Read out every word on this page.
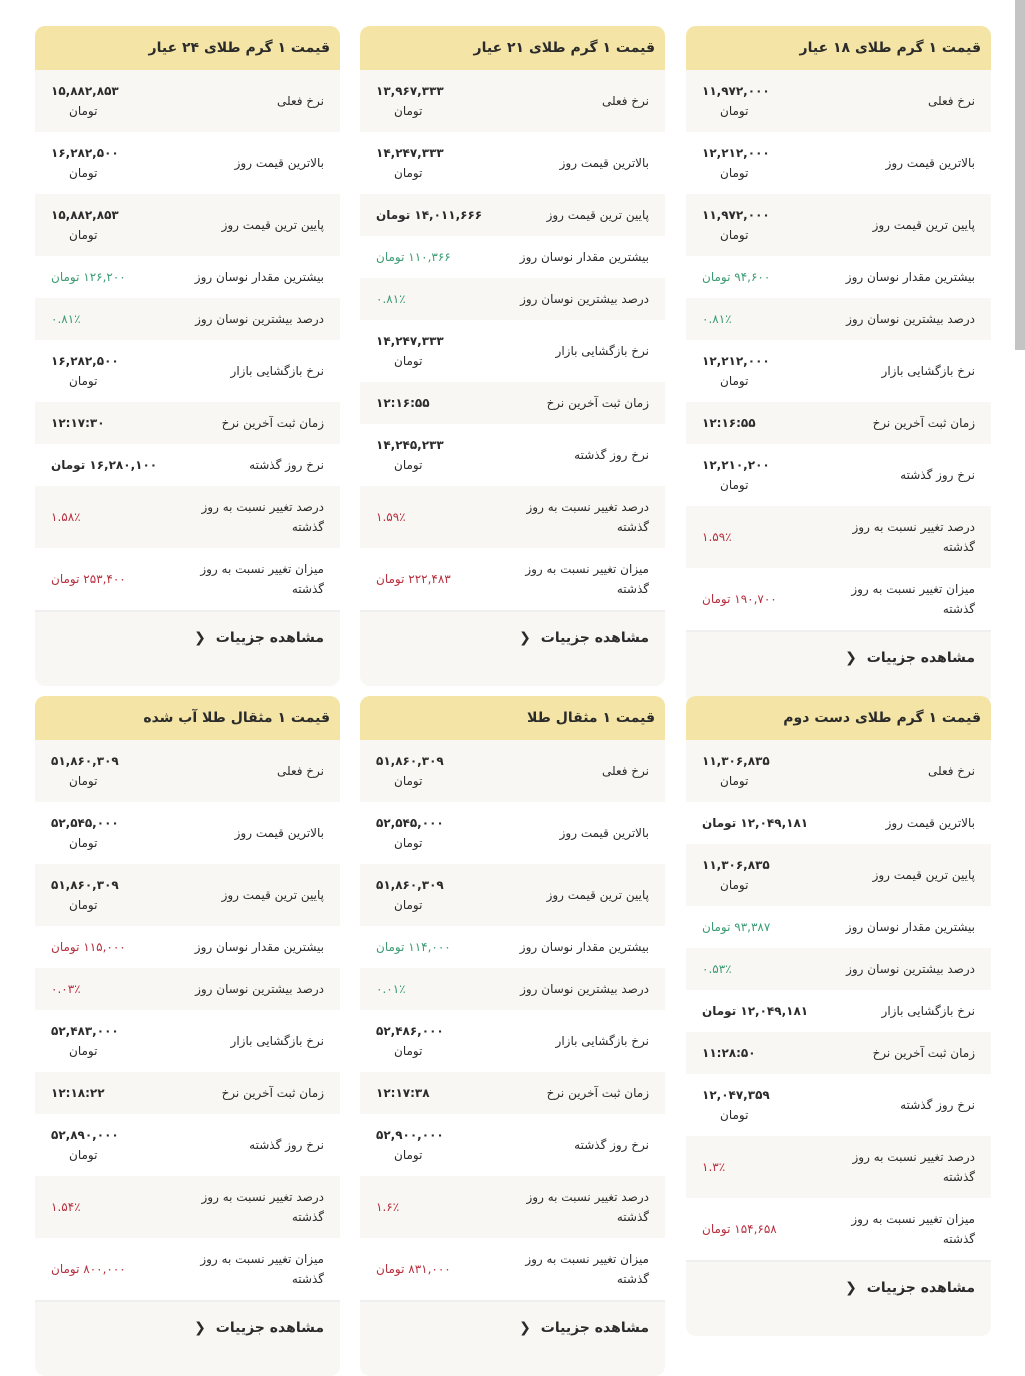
قیمت ۱ گرم طلای ۱۸ عیار
نرخ فعلی
۱۱,۹۷۲,۰۰۰
تومان
بالاترین قیمت روز
۱۲,۲۱۲,۰۰۰
تومان
پایین ترین قیمت روز
۱۱,۹۷۲,۰۰۰
تومان
بیشترین مقدار نوسان روز
۹۴,۶۰۰ تومان
درصد بیشترین نوسان روز
۰.۸۱٪
نرخ بازگشایی بازار
۱۲,۲۱۲,۰۰۰
تومان
زمان ثبت آخرین نرخ
۱۲:۱۶:۵۵
نرخ روز گذشته
۱۲,۲۱۰,۲۰۰
تومان
درصد تغییر نسبت به روز گذشته
۱.۵۹٪
میزان تغییر نسبت به روز گذشته
۱۹۰,۷۰۰ تومان
مشاهده جزییات
❮
قیمت ۱ گرم طلای ۲۱ عیار
نرخ فعلی
۱۳,۹۶۷,۳۳۳
تومان
بالاترین قیمت روز
۱۴,۲۴۷,۳۳۳
تومان
پایین ترین قیمت روز
۱۴,۰۱۱,۶۶۶ تومان
بیشترین مقدار نوسان روز
۱۱۰,۳۶۶ تومان
درصد بیشترین نوسان روز
۰.۸۱٪
نرخ بازگشایی بازار
۱۴,۲۴۷,۳۳۳
تومان
زمان ثبت آخرین نرخ
۱۲:۱۶:۵۵
نرخ روز گذشته
۱۴,۲۴۵,۲۳۳
تومان
درصد تغییر نسبت به روز گذشته
۱.۵۹٪
میزان تغییر نسبت به روز گذشته
۲۲۲,۴۸۳ تومان
مشاهده جزییات
❮
قیمت ۱ گرم طلای ۲۴ عیار
نرخ فعلی
۱۵,۸۸۲,۸۵۳
تومان
بالاترین قیمت روز
۱۶,۲۸۲,۵۰۰
تومان
پایین ترین قیمت روز
۱۵,۸۸۲,۸۵۳
تومان
بیشترین مقدار نوسان روز
۱۲۶,۲۰۰ تومان
درصد بیشترین نوسان روز
۰.۸۱٪
نرخ بازگشایی بازار
۱۶,۲۸۲,۵۰۰
تومان
زمان ثبت آخرین نرخ
۱۲:۱۷:۳۰
نرخ روز گذشته
۱۶,۲۸۰,۱۰۰ تومان
درصد تغییر نسبت به روز گذشته
۱.۵۸٪
میزان تغییر نسبت به روز گذشته
۲۵۳,۴۰۰ تومان
مشاهده جزییات
❮
قیمت ۱ گرم طلای دست دوم
نرخ فعلی
۱۱,۳۰۶,۸۳۵
تومان
بالاترین قیمت روز
۱۲,۰۴۹,۱۸۱ تومان
پایین ترین قیمت روز
۱۱,۳۰۶,۸۳۵
تومان
بیشترین مقدار نوسان روز
۹۳,۳۸۷ تومان
درصد بیشترین نوسان روز
۰.۵۳٪
نرخ بازگشایی بازار
۱۲,۰۴۹,۱۸۱ تومان
زمان ثبت آخرین نرخ
۱۱:۲۸:۵۰
نرخ روز گذشته
۱۲,۰۴۷,۳۵۹
تومان
درصد تغییر نسبت به روز گذشته
۱.۳٪
میزان تغییر نسبت به روز گذشته
۱۵۴,۶۵۸ تومان
مشاهده جزییات
❮
قیمت ۱ مثقال طلا
نرخ فعلی
۵۱,۸۶۰,۳۰۹
تومان
بالاترین قیمت روز
۵۲,۵۴۵,۰۰۰
تومان
پایین ترین قیمت روز
۵۱,۸۶۰,۳۰۹
تومان
بیشترین مقدار نوسان روز
۱۱۴,۰۰۰ تومان
درصد بیشترین نوسان روز
۰.۰۱٪
نرخ بازگشایی بازار
۵۲,۴۸۶,۰۰۰
تومان
زمان ثبت آخرین نرخ
۱۲:۱۷:۳۸
نرخ روز گذشته
۵۲,۹۰۰,۰۰۰
تومان
درصد تغییر نسبت به روز گذشته
۱.۶٪
میزان تغییر نسبت به روز گذشته
۸۳۱,۰۰۰ تومان
مشاهده جزییات
❮
قیمت ۱ مثقال طلا آب شده
نرخ فعلی
۵۱,۸۶۰,۳۰۹
تومان
بالاترین قیمت روز
۵۲,۵۴۵,۰۰۰
تومان
پایین ترین قیمت روز
۵۱,۸۶۰,۳۰۹
تومان
بیشترین مقدار نوسان روز
۱۱۵,۰۰۰ تومان
درصد بیشترین نوسان روز
۰.۰۳٪
نرخ بازگشایی بازار
۵۲,۴۸۳,۰۰۰
تومان
زمان ثبت آخرین نرخ
۱۲:۱۸:۲۲
نرخ روز گذشته
۵۲,۸۹۰,۰۰۰
تومان
درصد تغییر نسبت به روز گذشته
۱.۵۴٪
میزان تغییر نسبت به روز گذشته
۸۰۰,۰۰۰ تومان
مشاهده جزییات
❮
